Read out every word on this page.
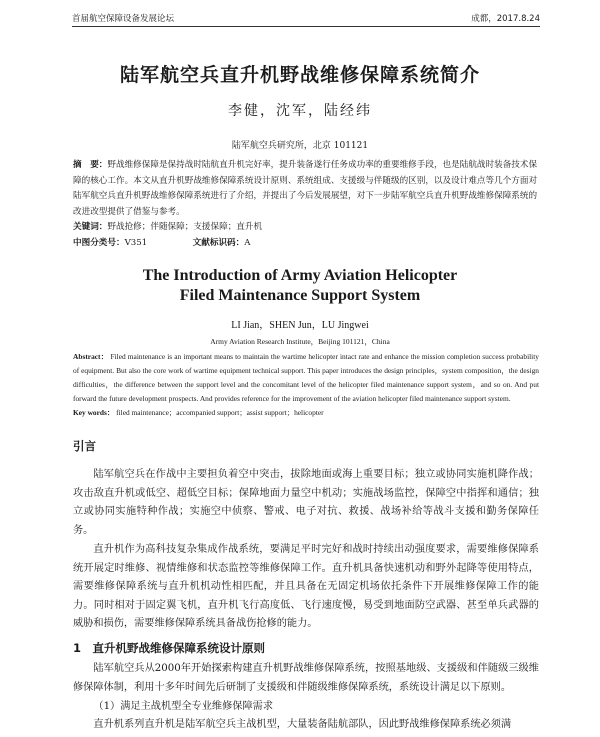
首届航空保障设备发展论坛	成都，2017.8.24
陆军航空兵直升机野战维修保障系统简介
李健，沈军，陆经纬
陆军航空兵研究所，北京 101121
摘　要：野战维修保障是保持战时陆航直升机完好率，提升装备遂行任务成功率的重要维修手段，也是陆航战时装备技术保障的核心工作。本文从直升机野战维修保障系统设计原则、系统组成、支援级与伴随级的区别，以及设计难点等几个方面对陆军航空兵直升机野战维修保障系统进行了介绍，并提出了今后发展展望，对下一步陆军航空兵直升机野战维修保障系统的改进改型提供了借鉴与参考。
关键词：野战抢修；伴随保障；支援保障；直升机
中图分类号：V351	文献标识码：A
The Introduction of Army Aviation Helicopter
Filed Maintenance Support System
LI Jian，SHEN Jun，LU Jingwei
Army Aviation Research Institute，Beijing 101121，China
Abstract： Filed maintenance is an important means to maintain the wartime helicopter intact rate and enhance the mission completion success probability of equipment. But also the core work of wartime equipment technical support. This paper introduces the design principles，system composition，the design difficulties，the difference between the support level and the concomitant level of the helicopter filed maintenance support system，and so on. And put forward the future development prospects. And provides reference for the improvement of the aviation helicopter filed maintenance support system.
Key words： filed maintenance；accompanied support；assist support；helicopter
引言
陆军航空兵在作战中主要担负着空中突击，拔除地面或海上重要目标；独立或协同实施机降作战；攻击敌直升机或低空、超低空目标；保障地面力量空中机动；实施战场监控，保障空中指挥和通信；独立或协同实施特种作战；实施空中侦察、警戒、电子对抗、救援、战场补给等战斗支援和勤务保障任务。
直升机作为高科技复杂集成作战系统，要满足平时完好和战时持续出动强度要求，需要维修保障系统开展定时维修、视情维修和状态监控等维修保障工作。直升机具备快速机动和野外起降等使用特点，需要维修保障系统与直升机机动性相匹配，并且具备在无固定机场依托条件下开展维修保障工作的能力。同时相对于固定翼飞机，直升机飞行高度低、飞行速度慢，易受到地面防空武器、甚至单兵武器的威胁和损伤，需要维修保障系统具备战伤抢修的能力。
1　直升机野战维修保障系统设计原则
陆军航空兵从2000年开始探索构建直升机野战维修保障系统，按照基地级、支援级和伴随级三级维修保障体制，利用十多年时间先后研制了支援级和伴随级维修保障系统，系统设计满足以下原则。
（1）满足主战机型全专业维修保障需求
直升机系列直升机是陆军航空兵主战机型，大量装备陆航部队，因此野战维修保障系统必须满
